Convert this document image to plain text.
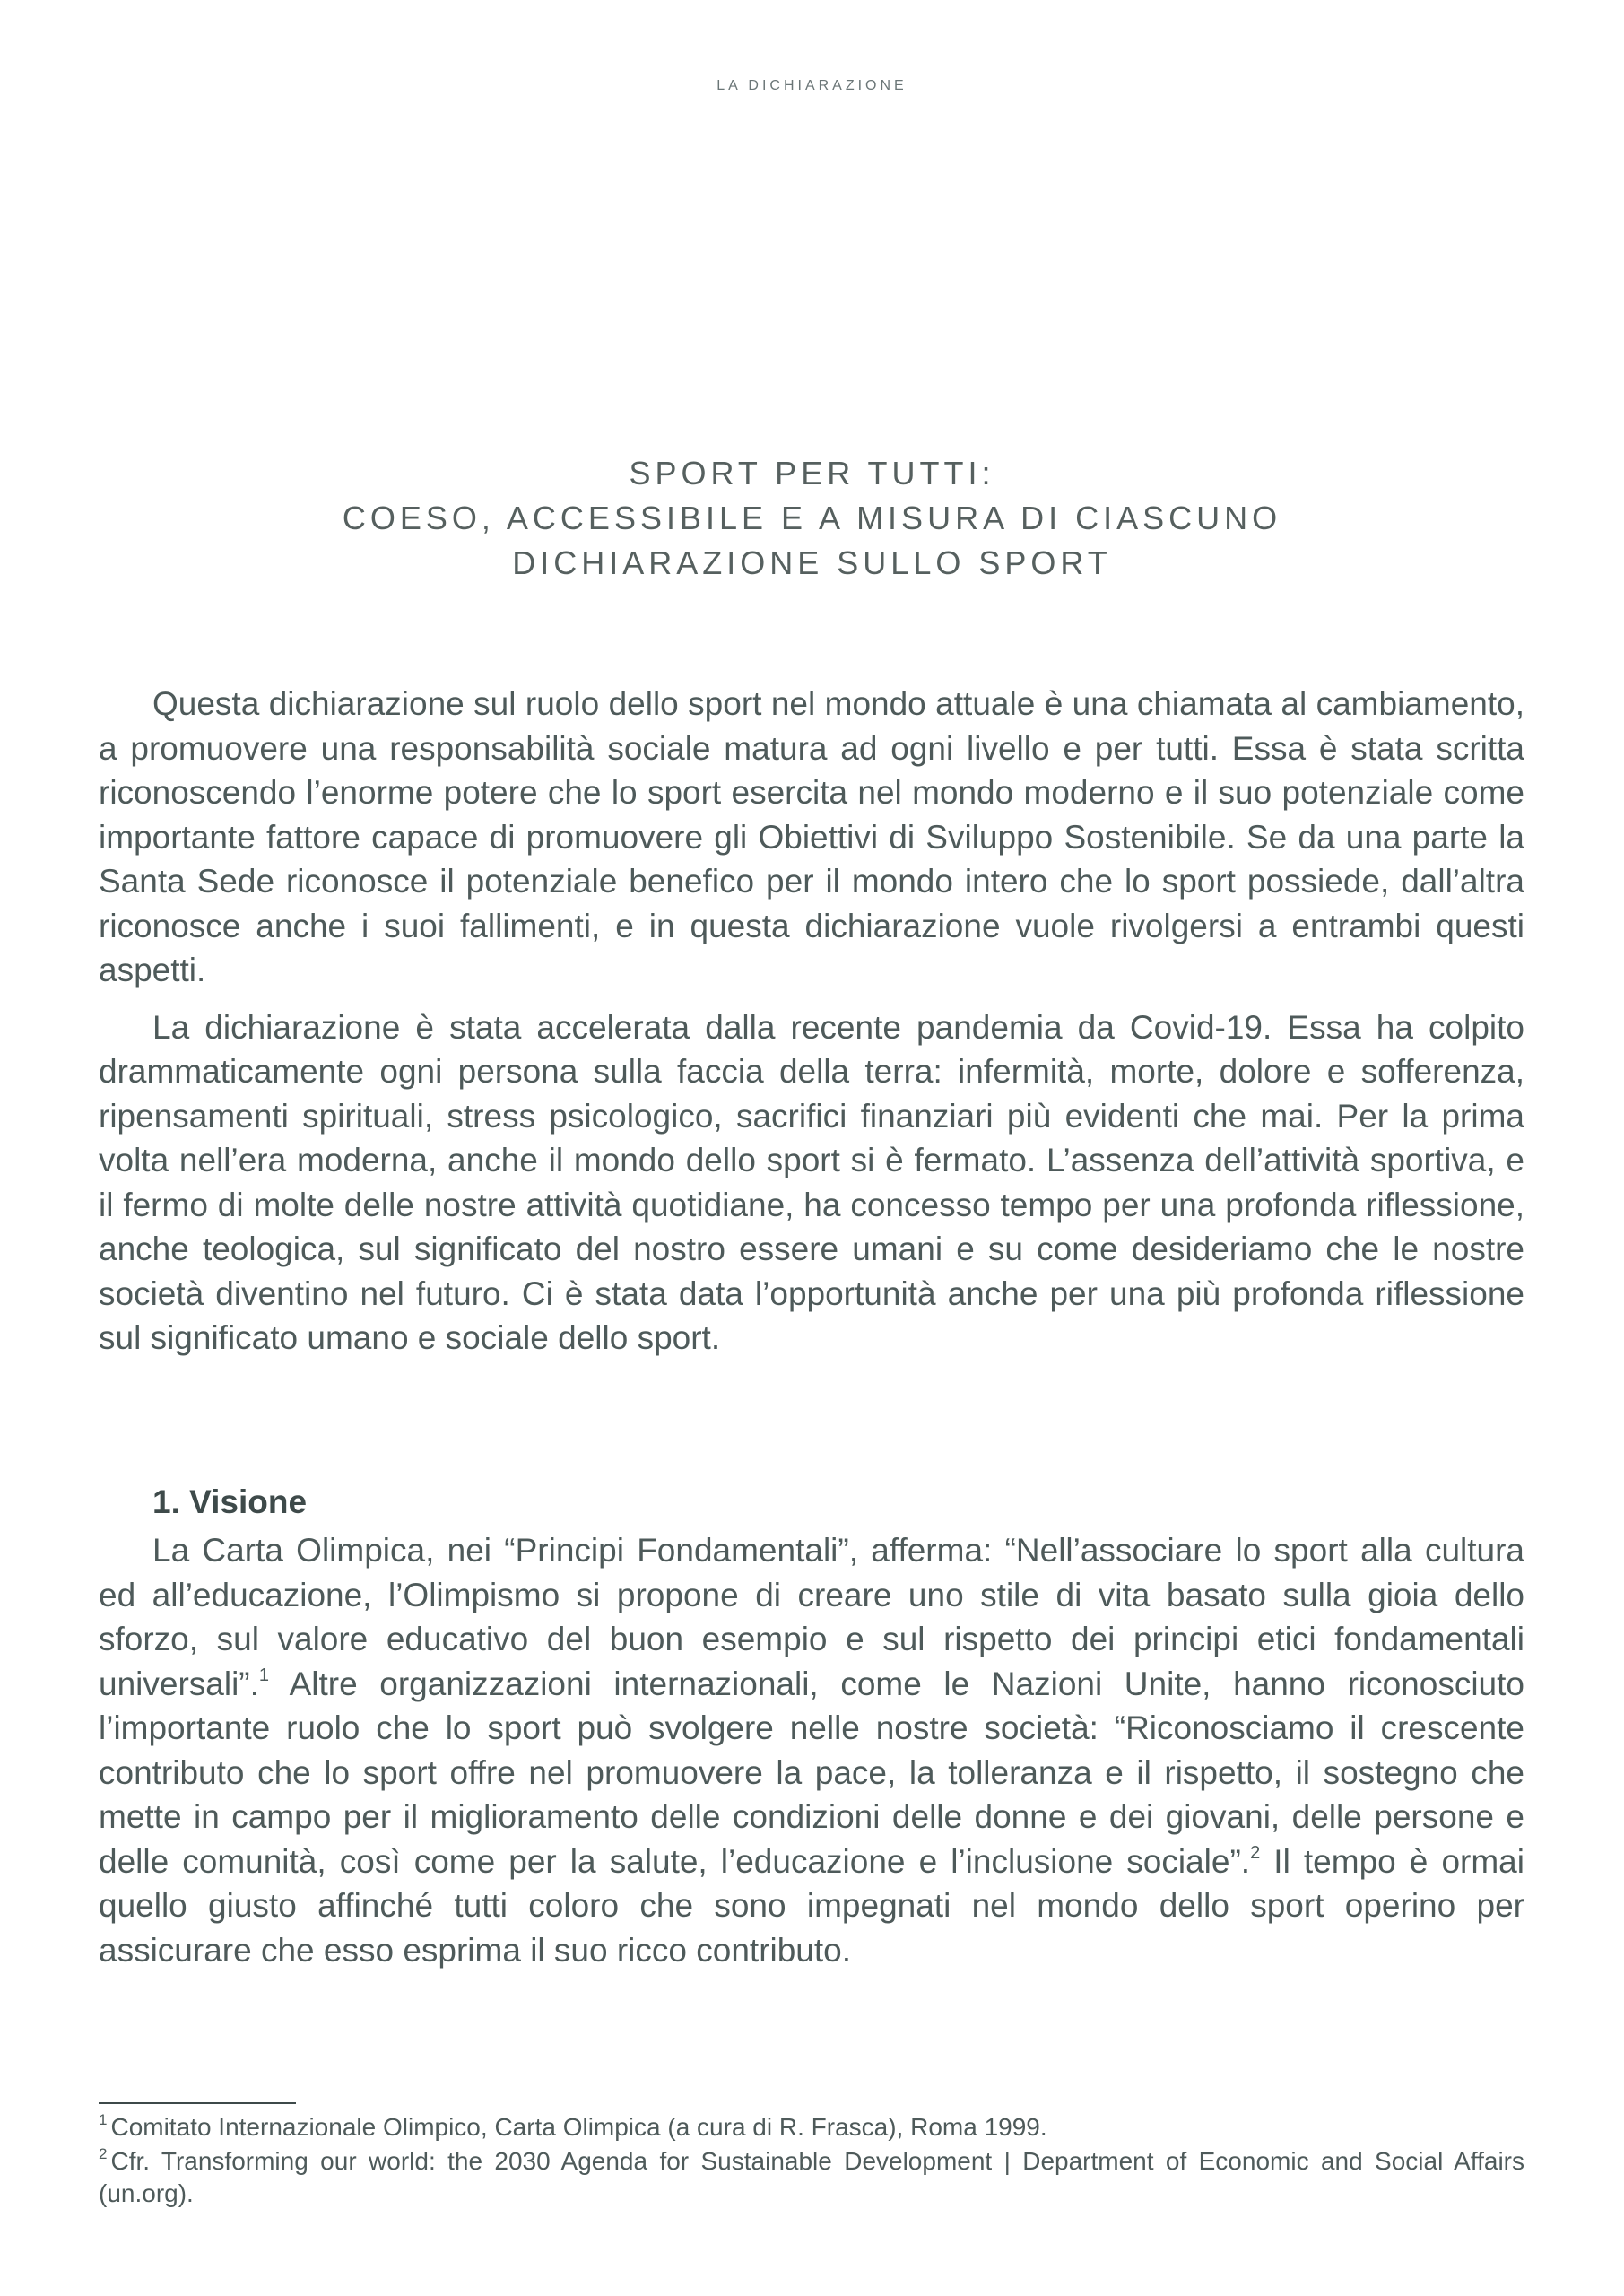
LA DICHIARAZIONE
SPORT PER TUTTI:
COESO, ACCESSIBILE E A MISURA DI CIASCUNO
DICHIARAZIONE SULLO SPORT

Questa dichiarazione sul ruolo dello sport nel mondo attuale è una chiamata al cambiamento, a promuovere una responsabilità sociale matura ad ogni livello e per tutti. Essa è stata scritta riconoscendo l’enorme potere che lo sport esercita nel mondo moderno e il suo potenziale come importante fattore capace di promuovere gli Obiettivi di Sviluppo Sostenibile. Se da una parte la Santa Sede riconosce il potenziale benefico per il mondo intero che lo sport possiede, dall’altra riconosce anche i suoi fallimenti, e in questa dichiarazione vuole rivolgersi a entrambi questi aspetti.

La dichiarazione è stata accelerata dalla recente pandemia da Covid-19. Essa ha colpito drammaticamente ogni persona sulla faccia della terra: infermità, morte, dolore e sofferenza, ripensamenti spirituali, stress psicologico, sacrifici finanziari più evidenti che mai. Per la prima volta nell’era moderna, anche il mondo dello sport si è fermato. L’assenza dell’attività sportiva, e il fermo di molte delle nostre attività quotidiane, ha concesso tempo per una profonda riflessione, anche teologica, sul significato del nostro essere umani e su come desideriamo che le nostre società diventino nel futuro. Ci è stata data l’opportunità anche per una più profonda riflessione sul significato umano e sociale dello sport.

1. Visione

La Carta Olimpica, nei “Principi Fondamentali”, afferma: “Nell’associare lo sport alla cultura ed all’educazione, l’Olimpismo si propone di creare uno stile di vita basato sulla gioia dello sforzo, sul valore educativo del buon esempio e sul rispetto dei principi etici fondamentali universali”.$^1$ Altre organizzazioni internazionali, come le Nazioni Unite, hanno riconosciuto l’importante ruolo che lo sport può svolgere nelle nostre società: “Riconosciamo il crescente contributo che lo sport offre nel promuovere la pace, la tolleranza e il rispetto, il sostegno che mette in campo per il miglioramento delle condizioni delle donne e dei giovani, delle persone e delle comunità, così come per la salute, l’educazione e l’inclusione sociale”.$^2$ Il tempo è ormai quello giusto affinché tutti coloro che sono impegnati nel mondo dello sport operino per assicurare che esso esprima il suo ricco contributo.

$^1$ Comitato Internazionale Olimpico, Carta Olimpica (a cura di R. Frasca), Roma 1999.

$^2$ Cfr. Transforming our world: the 2030 Agenda for Sustainable Development | Department of Economic and Social Affairs (un.org).
